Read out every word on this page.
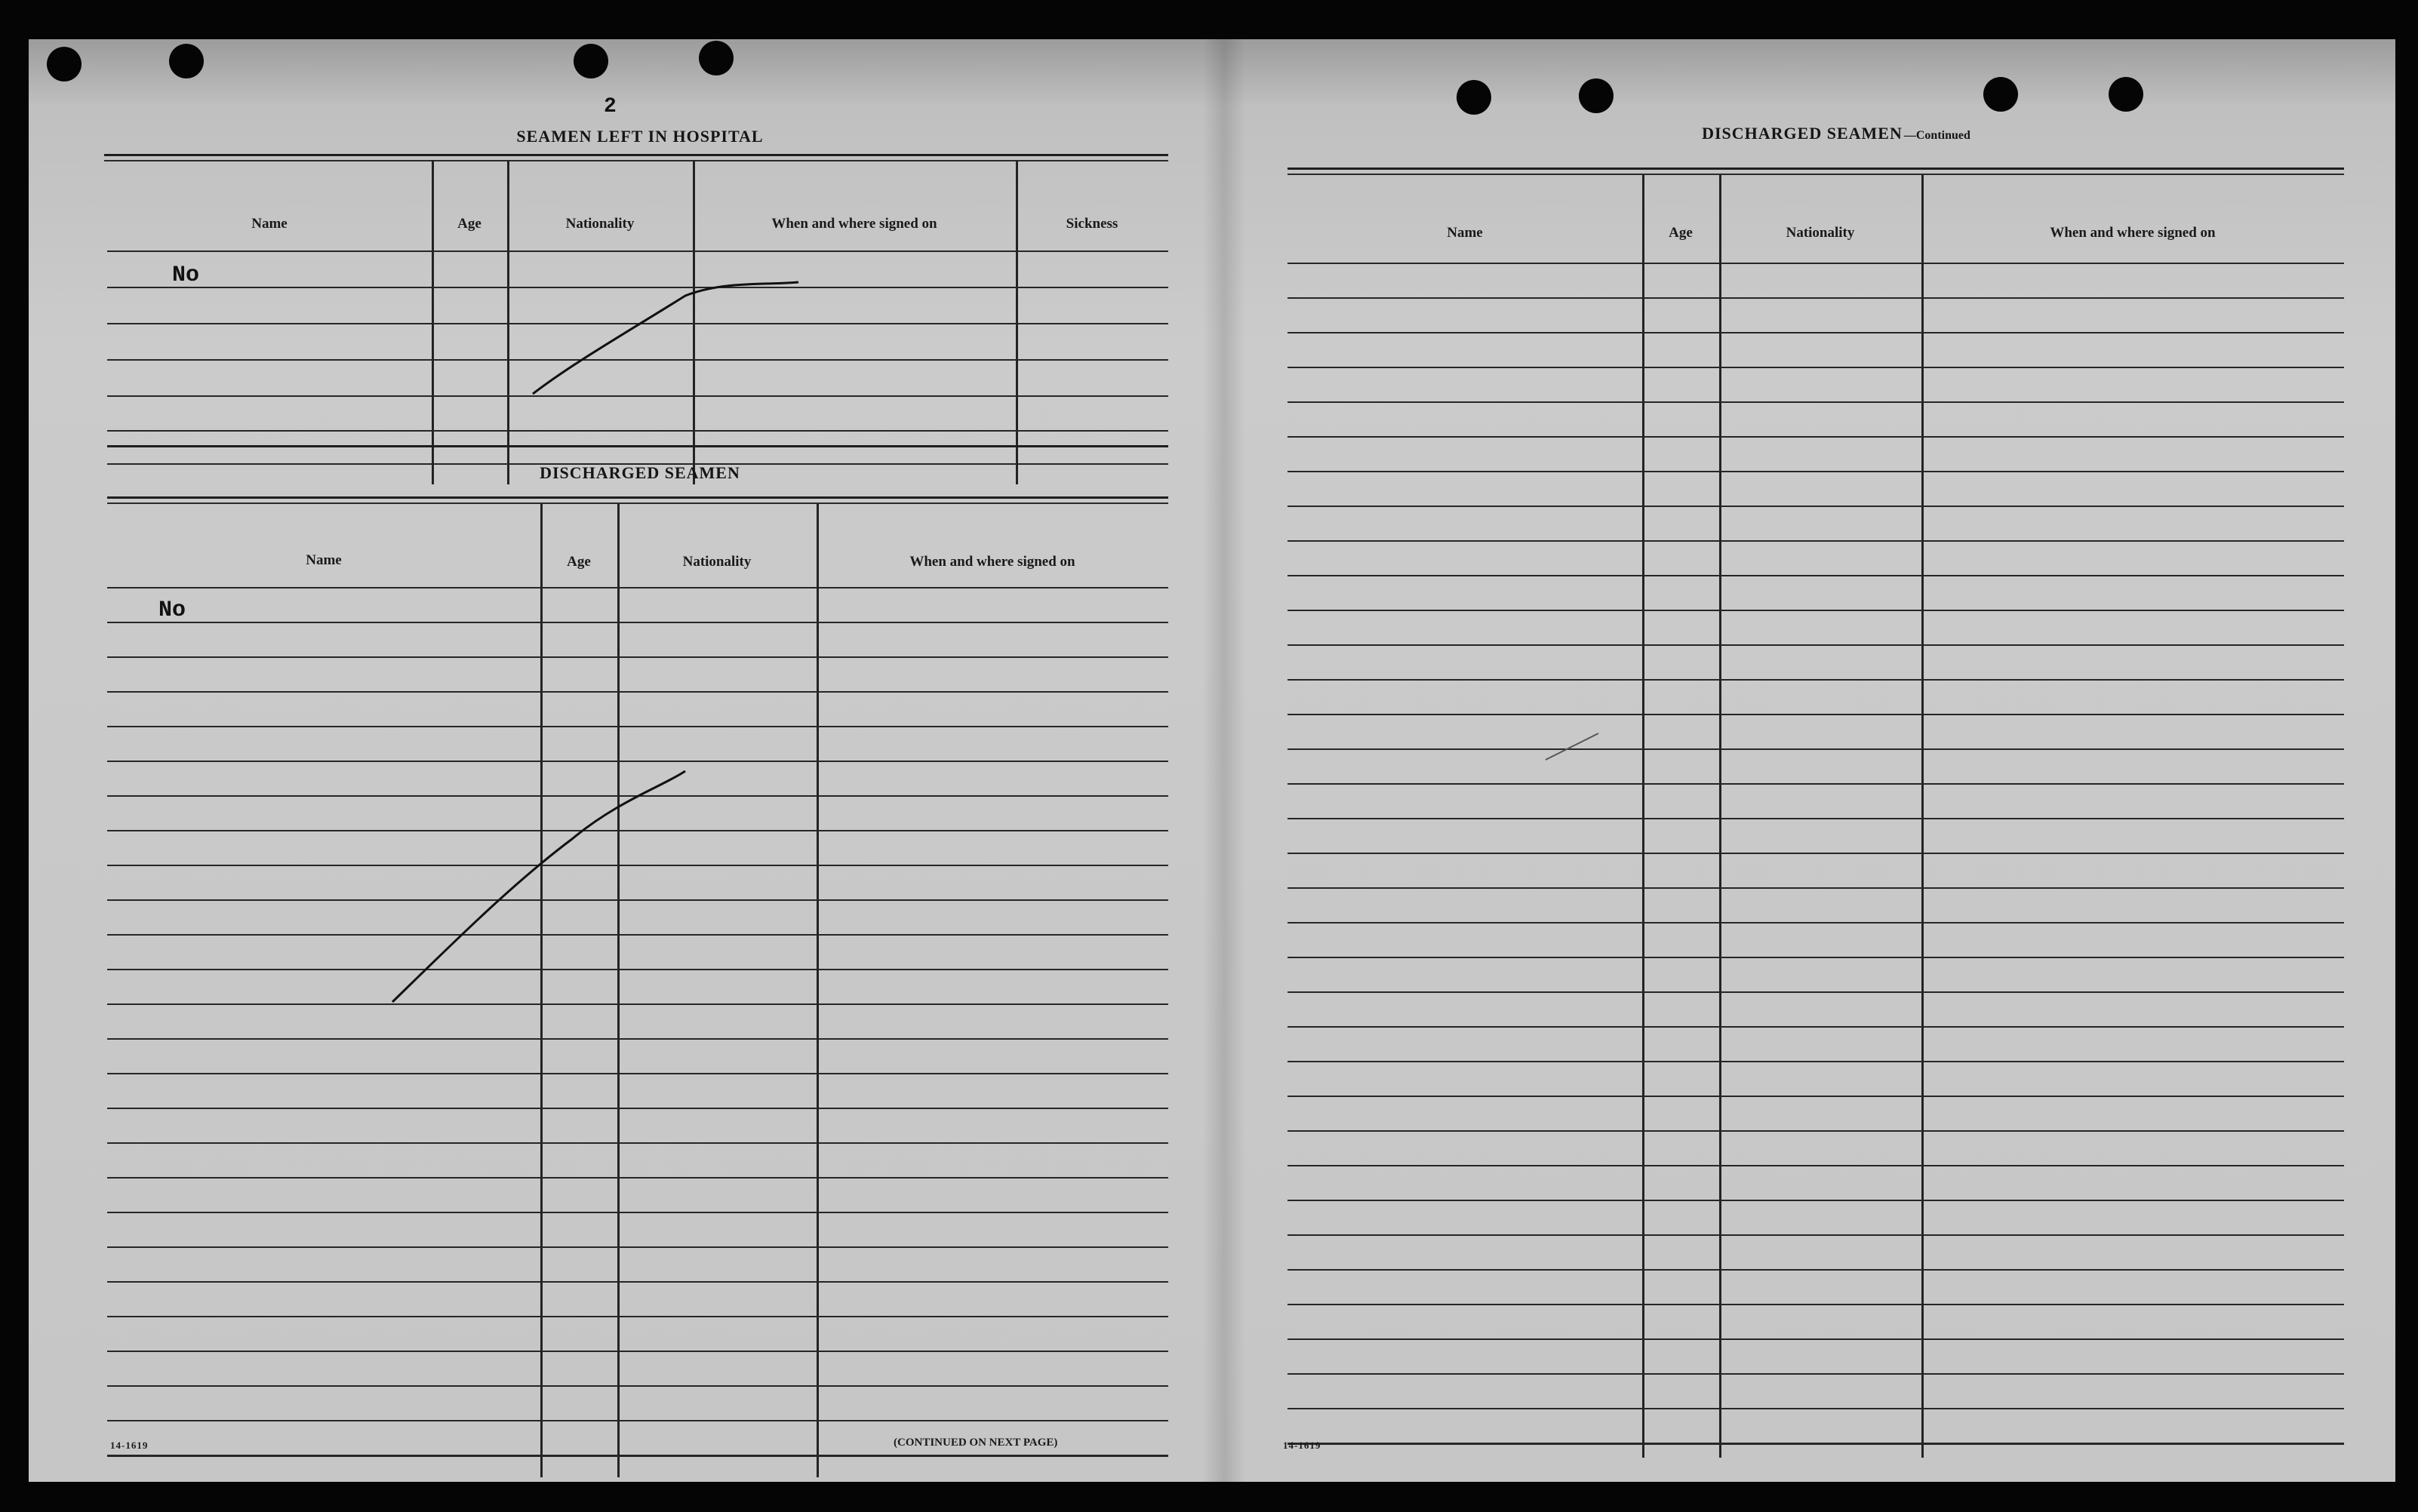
2
SEAMEN LEFT IN HOSPITAL
Name	Age	Nationality	When and where signed on	Sickness
No
DISCHARGED SEAMEN
Name	Age	Nationality	When and where signed on
No
14-1619	(CONTINUED ON NEXT PAGE)
DISCHARGED SEAMEN —Continued
Name	Age	Nationality	When and where signed on
14-1619
